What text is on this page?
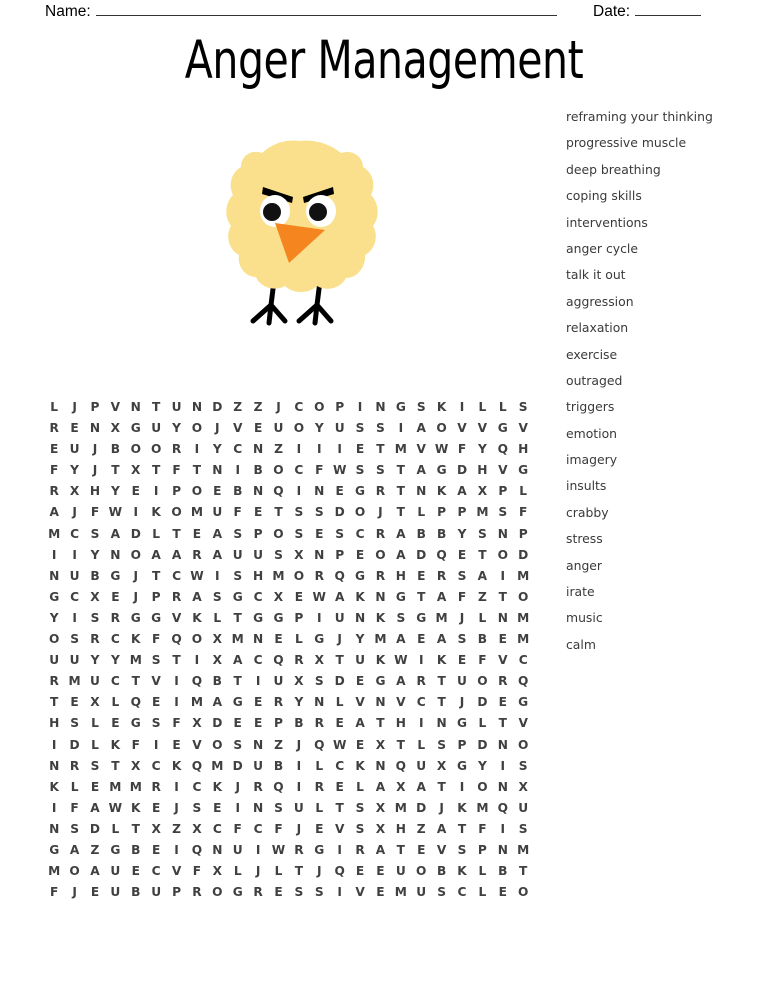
Name:	Date:
Anger Management
reframing your thinking
progressive muscle
deep breathing
coping skills
interventions
anger cycle
talk it out
aggression
relaxation
exercise
outraged
triggers
emotion
imagery
insults
crabby
stress
anger
irate
music
calm
L	J	P V N T U N D Z Z	J	C O P	I	N G S K	I	L	L S
R E N X G U Y O	J	V E U O Y U S S	I	A O V V G V
E U	J	B O O R	I	Y C N Z	I	I	I	E T M V W F Y Q H
F Y	J	T X T F T N	I	B O C F W S S T A G D H V G
R X H Y E	I	P O E B N Q	I	N E G R T N K A X P L
A	J	F W I	K O M U F E T S S D O	J	T	L P P M S F
M C S A D L	T E A S P O S E S C R A B B Y S N P
I	I	Y N O A A R A U U S X N P E O A D Q E T O D
N U B G	J	T C W I	S H M O R Q G R H E R S A	I M
G C X E	J	P R A S G C X E W A K N G T A F Z T O
Y	I	S R G G V K L	T G G P	I	U N K S G M J	L N M
O S R C K F Q O X M N E	L G	J	Y M A E A S B E M
U U Y Y M S T	I	X A C Q R X T U K W I	K E F V C
R M U C T V	I	Q B T	I	U X S D E G A R T U O R Q
T E X L Q E	I M A G E R Y N L V N V C T	J	D E G
H S L	E G S F X D E E P B R E A T H	I	N G L	T V
I	D L K F	I	E V O S N Z	J	Q W E X T	L S P D N O
N R S T X C K Q M D U B	I	L C K N Q U X G Y	I	S
K L	E M M R	I	C K	J	R Q	I	R E	L A X A T	I	O N X
I	F A W K E	J	S E	I	N S U L	T S X M D	J	K M Q U
N S D L	T X Z X C F C F	J	E V S X H Z A T F	I	S
G A Z G B E	I	Q N U	I W R G	I	R A T E V S P N M
M O A U E C V F X L	J	L	T	J	Q E E U O B K L B T
F	J	E U B U P R O G R E S S	I	V E M U S C L	E O
